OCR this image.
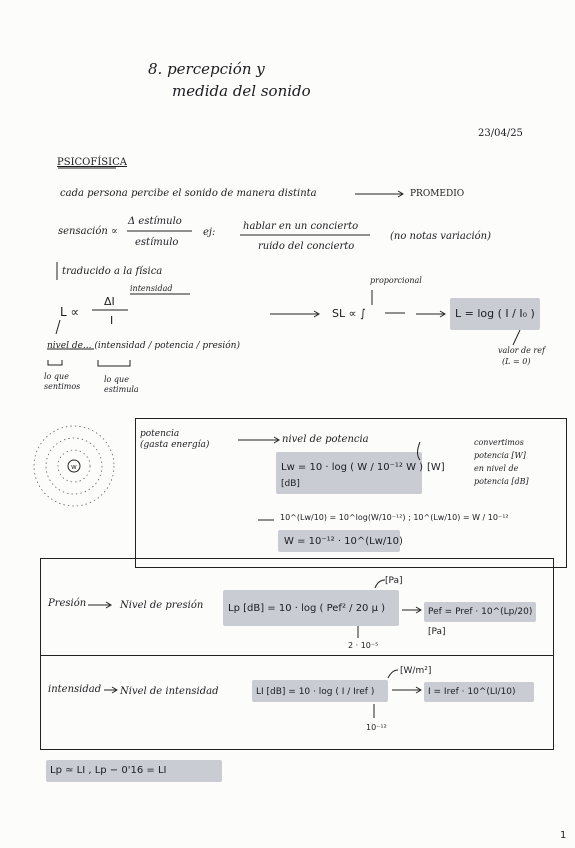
8. percepción y
medida del sonido
23/04/25
PSICOFÍSICA
cada persona percibe el sonido de manera distinta	PROMEDIO
sensación ∝
Δ estímulo
estímulo
ej:
hablar en un concierto
ruido del concierto
(no notas variación)
traducido a la física
intensidad
L ∝
ΔI
I
proporcional
SL ∝ ∫	L = log ( I / I₀ )
nivel de... (intensidad / potencia / presión)
lo que
sentimos
lo que
estimula
valor de ref
(L = 0)
potencia
(gasta energía)	nivel de potencia	convertimos
potencia [W]
en nivel de
potencia [dB]
Lw = 10 · log ( W / 10⁻¹² W )
[dB]
[W]
10^(Lw/10) = 10^log(W/10⁻¹²) ; 10^(Lw/10) = W / 10⁻¹²
W = 10⁻¹² · 10^(Lw/10)
Presión	Nivel de presión Lp [dB] = 10 · log ( Pef² / 20 μ )
[Pa]
2 · 10⁻⁵
Pef = Pref · 10^(Lp/20)
[Pa]
intensidad Nivel de intensidad	LI [dB] = 10 · log ( I / Iref )
[W/m²]
10⁻¹²
I = Iref · 10^(LI/10)
Lp ≃ LI , Lp − 0'16 = LI
1
w
